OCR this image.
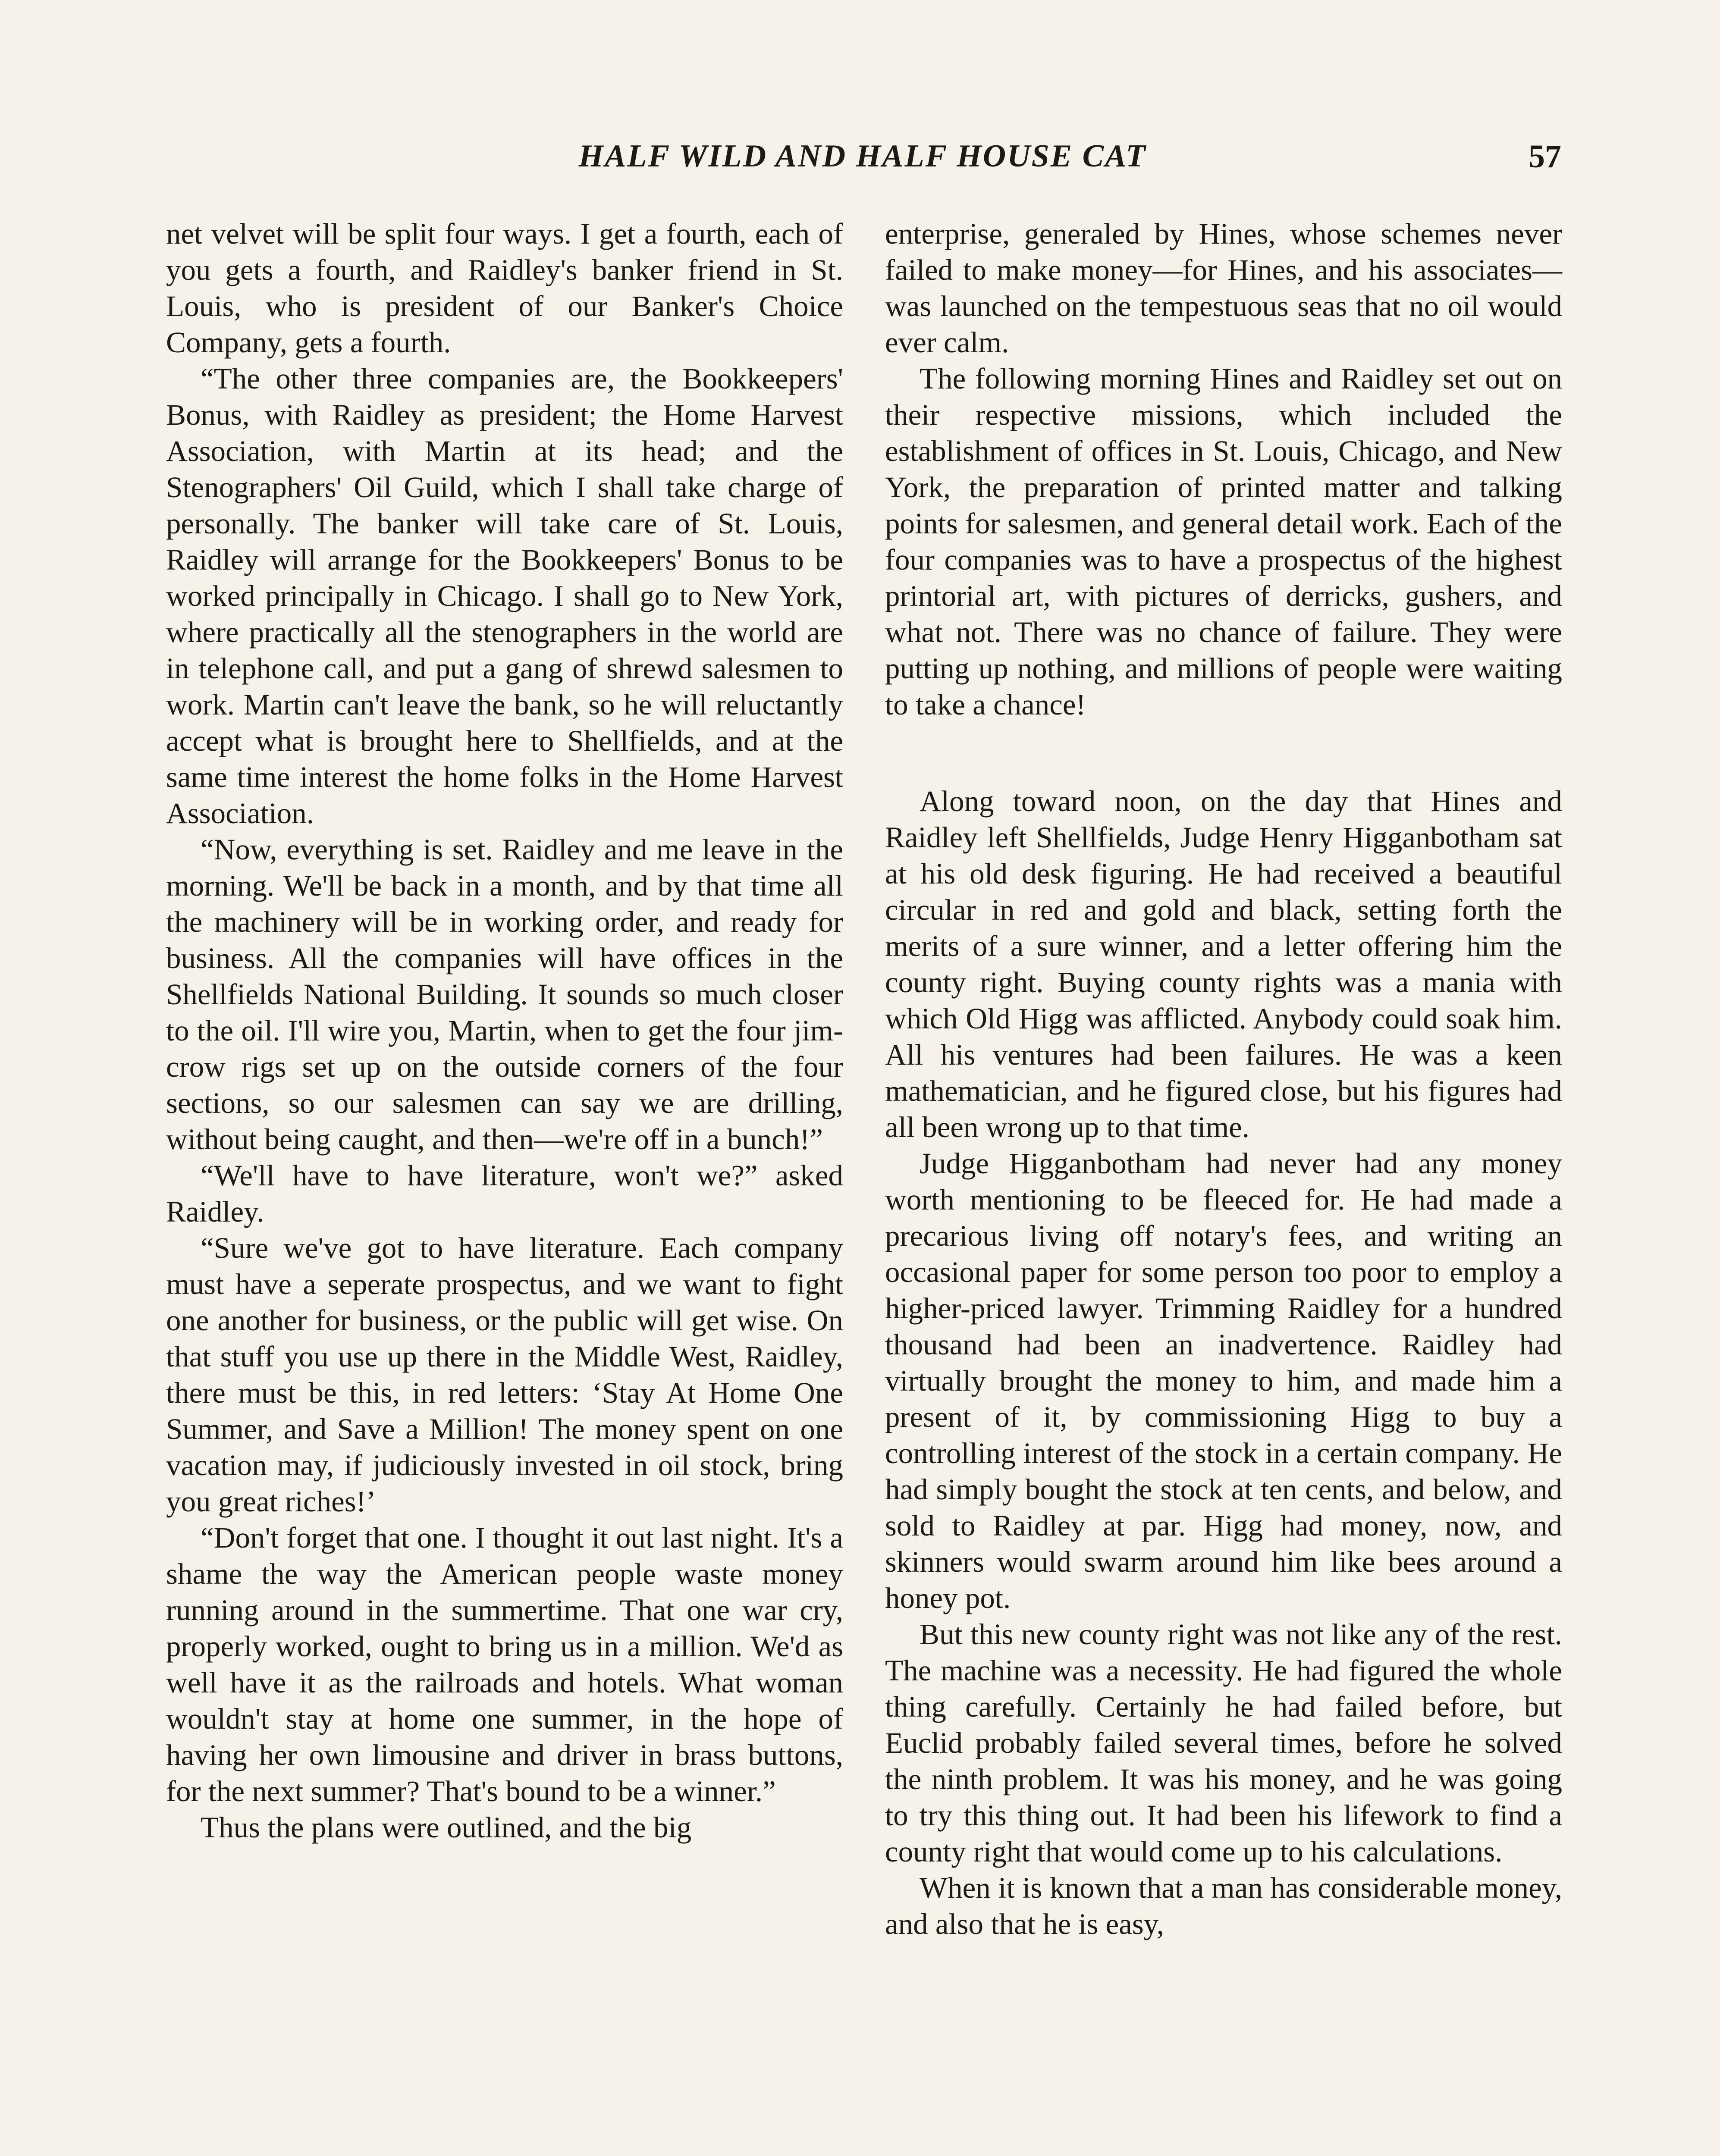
HALF WILD AND HALF HOUSE CAT	57

net velvet will be split four ways. I get a fourth, each of you gets a fourth, and Raidley's banker friend in St. Louis, who is president of our Banker's Choice Company, gets a fourth.

“The other three companies are, the Bookkeepers' Bonus, with Raidley as president; the Home Harvest Association, with Martin at its head; and the Stenographers' Oil Guild, which I shall take charge of personally. The banker will take care of St. Louis, Raidley will arrange for the Bookkeepers' Bonus to be worked principally in Chicago. I shall go to New York, where practically all the stenographers in the world are in telephone call, and put a gang of shrewd salesmen to work. Martin can't leave the bank, so he will reluctantly accept what is brought here to Shellfields, and at the same time interest the home folks in the Home Harvest Association.

“Now, everything is set. Raidley and me leave in the morning. We'll be back in a month, and by that time all the machinery will be in working order, and ready for business. All the companies will have offices in the Shellfields National Building. It sounds so much closer to the oil. I'll wire you, Martin, when to get the four jim-crow rigs set up on the outside corners of the four sections, so our salesmen can say we are drilling, without being caught, and then—we're off in a bunch!”

“We'll have to have literature, won't we?” asked Raidley.

“Sure we've got to have literature. Each company must have a seperate prospectus, and we want to fight one another for business, or the public will get wise. On that stuff you use up there in the Middle West, Raidley, there must be this, in red letters: ‘Stay At Home One Summer, and Save a Million! The money spent on one vacation may, if judiciously invested in oil stock, bring you great riches!’

“Don't forget that one. I thought it out last night. It's a shame the way the American people waste money running around in the summertime. That one war cry, properly worked, ought to bring us in a million. We'd as well have it as the railroads and hotels. What woman wouldn't stay at home one summer, in the hope of having her own limousine and driver in brass buttons, for the next summer? That's bound to be a winner.”

Thus the plans were outlined, and the big

enterprise, generaled by Hines, whose schemes never failed to make money—for Hines, and his associates—was launched on the tempestuous seas that no oil would ever calm.

The following morning Hines and Raidley set out on their respective missions, which included the establishment of offices in St. Louis, Chicago, and New York, the preparation of printed matter and talking points for salesmen, and general detail work. Each of the four companies was to have a prospectus of the highest printorial art, with pictures of derricks, gushers, and what not. There was no chance of failure. They were putting up nothing, and millions of people were waiting to take a chance!

Along toward noon, on the day that Hines and Raidley left Shellfields, Judge Henry Higganbotham sat at his old desk figuring. He had received a beautiful circular in red and gold and black, setting forth the merits of a sure winner, and a letter offering him the county right. Buying county rights was a mania with which Old Higg was afflicted. Anybody could soak him. All his ventures had been failures. He was a keen mathematician, and he figured close, but his figures had all been wrong up to that time.

Judge Higganbotham had never had any money worth mentioning to be fleeced for. He had made a precarious living off notary's fees, and writing an occasional paper for some person too poor to employ a higher-priced lawyer. Trimming Raidley for a hundred thousand had been an inadvertence. Raidley had virtually brought the money to him, and made him a present of it, by commissioning Higg to buy a controlling interest of the stock in a certain company. He had simply bought the stock at ten cents, and below, and sold to Raidley at par. Higg had money, now, and skinners would swarm around him like bees around a honey pot.

But this new county right was not like any of the rest. The machine was a necessity. He had figured the whole thing carefully. Certainly he had failed before, but Euclid probably failed several times, before he solved the ninth problem. It was his money, and he was going to try this thing out. It had been his lifework to find a county right that would come up to his calculations.

When it is known that a man has considerable money, and also that he is easy,
